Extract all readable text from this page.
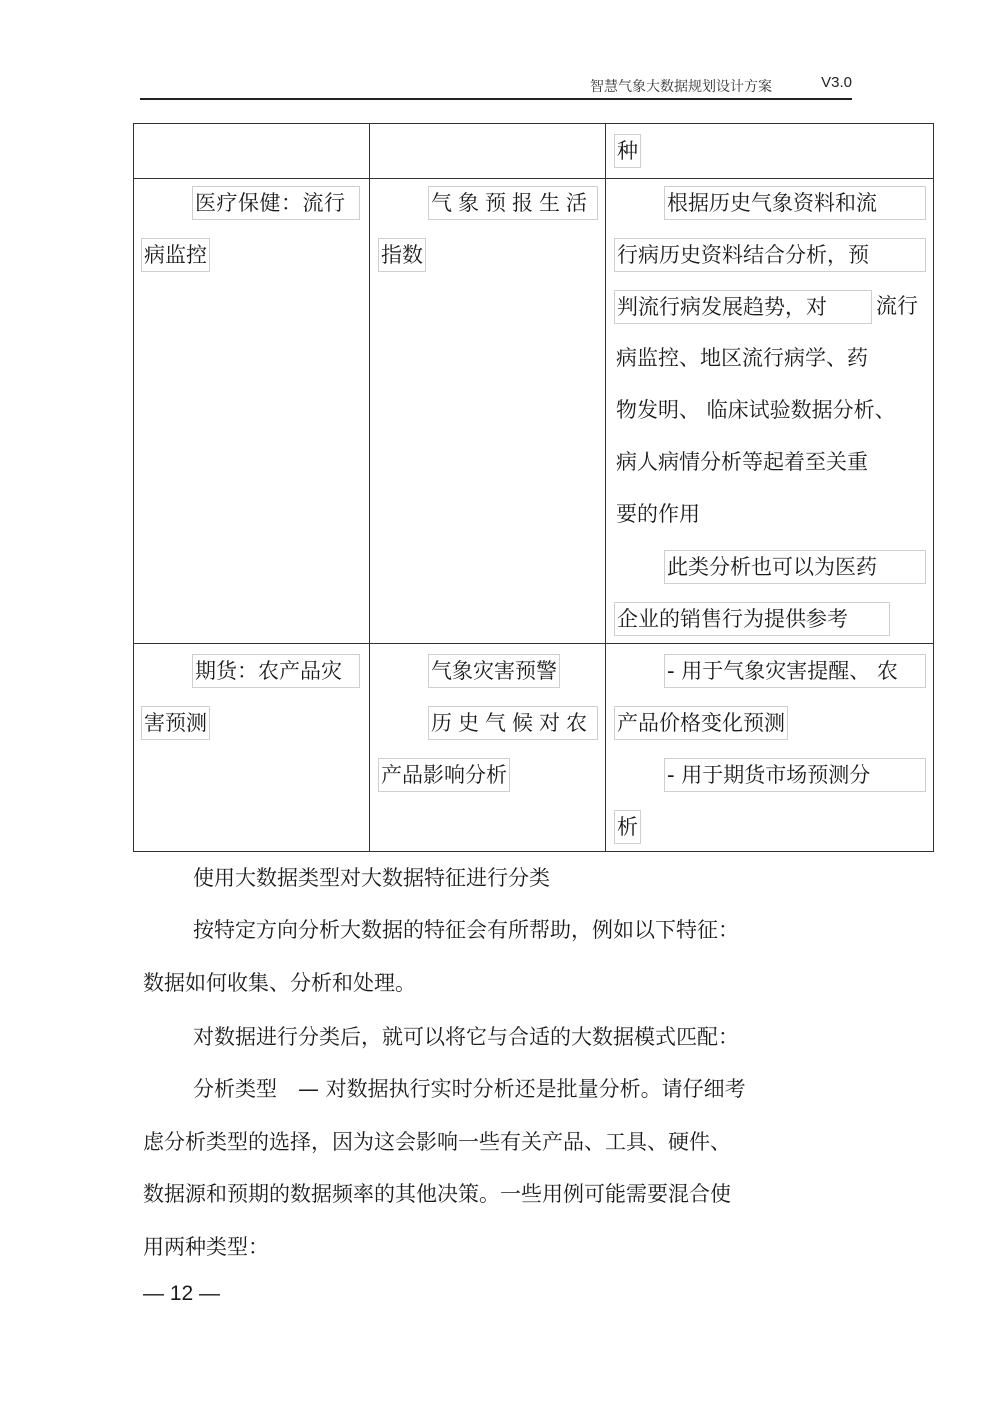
智慧气象大数据规划设计方案	V3.0
种
医疗保健：流行
病监控
气象预报生活
指数
根据历史气象资料和流
行病历史资料结合分析，预
判流行病发展趋势，对	流行
病监控、地区流行病学、药
物发明、 临床试验数据分析、
病人病情分析等起着至关重
要的作用
此类分析也可以为医药
企业的销售行为提供参考
期货：农产品灾
害预测
气象灾害预警
历史气候对农
产品影响分析
- 用于气象灾害提醒、 农
产品价格变化预测
- 用于期货市场预测分
析
使用大数据类型对大数据特征进行分类
按特定方向分析大数据的特征会有所帮助，例如以下特征：
数据如何收集、分析和处理。
对数据进行分类后，就可以将它与合适的大数据模式匹配：
分析类型　— 对数据执行实时分析还是批量分析。请仔细考
虑分析类型的选择，因为这会影响一些有关产品、工具、硬件、
数据源和预期的数据频率的其他决策。一些用例可能需要混合使
用两种类型：
— 12 —
